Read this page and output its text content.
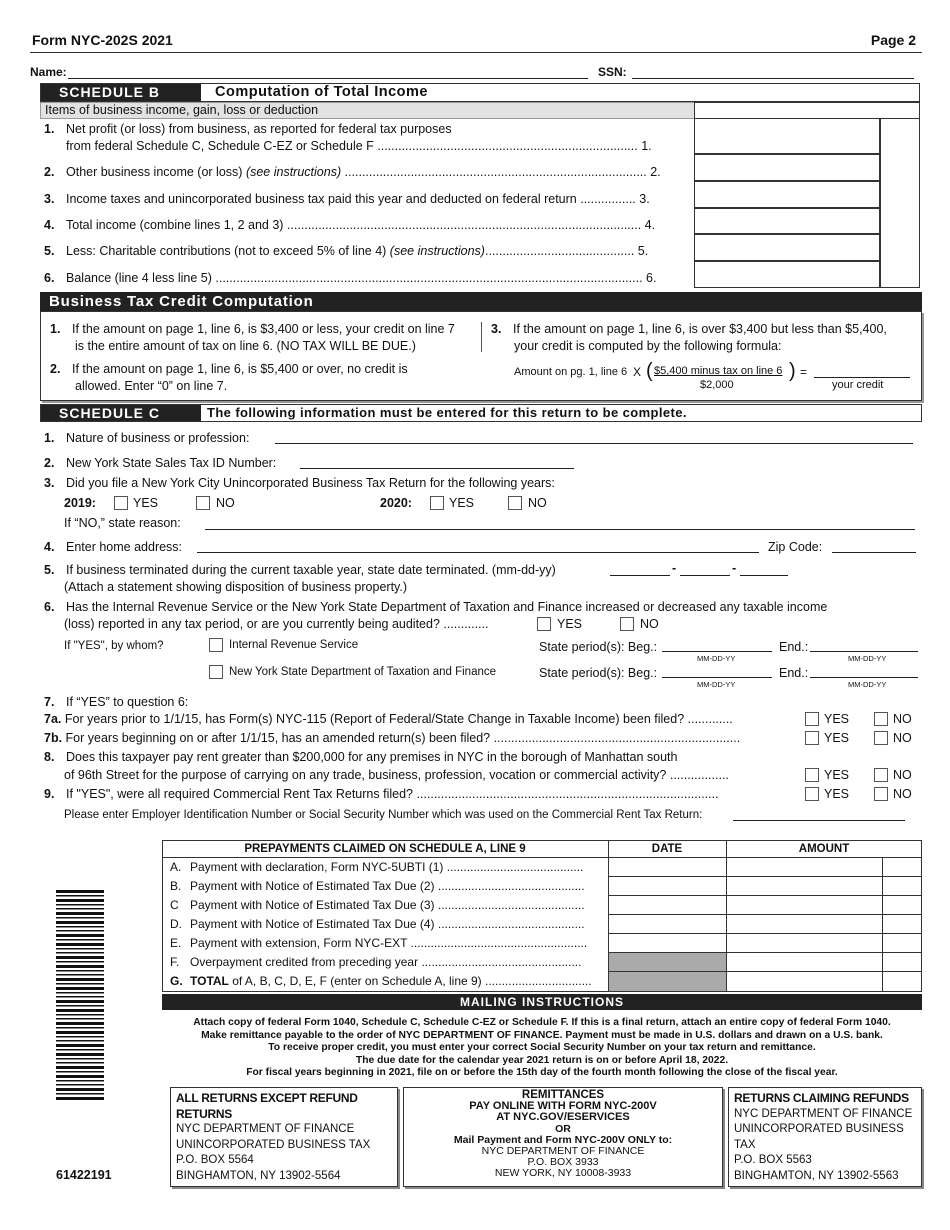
Form NYC-202S 2021	Page 2
Name:	SSN:
SCHEDULE B	Computation of Total Income
Items of business income, gain, loss or deduction
1. Net profit (or loss) from business, as reported for federal tax purposes
from federal Schedule C, Schedule C-EZ or Schedule F ........................................................................... 1.
2. Other business income (or loss) (see instructions) ....................................................................................... 2.
3. Income taxes and unincorporated business tax paid this year and deducted on federal return ................ 3.
4. Total income (combine lines 1, 2 and 3) ...................................................................................................... 4.
5. Less: Charitable contributions (not to exceed 5% of line 4) (see instructions)........................................... 5.
6. Balance (line 4 less line 5) ........................................................................................................................... 6.
Business Tax Credit Computation
1. If the amount on page 1, line 6, is $3,400 or less, your credit on line 7
is the entire amount of tax on line 6. (NO TAX WILL BE DUE.)
2. If the amount on page 1, line 6, is $5,400 or over, no credit is
allowed. Enter “0” on line 7.
3. If the amount on page 1, line 6, is over $3,400 but less than $5,400,
your credit is computed by the following formula:
Amount on pg. 1, line 6 X ( $5,400 minus tax on line 6
$2,000
) =
your credit
SCHEDULE C	The following information must be entered for this return to be complete.
1. Nature of business or profession:
2. New York State Sales Tax ID Number:
3. Did you file a New York City Unincorporated Business Tax Return for the following years:
2019:	YES	NO	2020:	YES	NO
If “NO,” state reason:
4. Enter home address:	Zip Code:
5. If business terminated during the current taxable year, state date terminated. (mm-dd-yy)	-	-
(Attach a statement showing disposition of business property.)
6. Has the Internal Revenue Service or the New York State Department of Taxation and Finance increased or decreased any taxable income
(loss) reported in any tax period, or are you currently being audited? .............	YES	NO
If "YES", by whom?	Internal Revenue Service
New York State Department of Taxation and Finance
State period(s): Beg.:
MM-DD-YY
End.:
MM-DD-YY
State period(s): Beg.:
MM-DD-YY
End.:
MM-DD-YY
7. If “YES” to question 6:
7a. For years prior to 1/1/15, has Form(s) NYC-115 (Report of Federal/State Change in Taxable Income) been filed? .............	YES	NO
7b. For years beginning on or after 1/1/15, has an amended return(s) been filed? .......................................................................	YES	NO
8. Does this taxpayer pay rent greater than $200,000 for any premises in NYC in the borough of Manhattan south
of 96th Street for the purpose of carrying on any trade, business, profession, vocation or commercial activity? .................	YES	NO
9. If "YES", were all required Commercial Rent Tax Returns filed? .......................................................................................	YES	NO
Please enter Employer Identification Number or Social Security Number which was used on the Commercial Rent Tax Return:
PREPAYMENTS CLAIMED ON SCHEDULE A, LINE 9	DATE	AMOUNT
A. Payment with declaration, Form NYC-5UBTI (1) .........................................
B. Payment with Notice of Estimated Tax Due (2) ............................................
C Payment with Notice of Estimated Tax Due (3) ............................................
D. Payment with Notice of Estimated Tax Due (4) ............................................
E. Payment with extension, Form NYC-EXT .....................................................
F. Overpayment credited from preceding year ................................................
G. TOTAL of A, B, C, D, E, F (enter on Schedule A, line 9) ................................
MAILING INSTRUCTIONS
Attach copy of federal Form 1040, Schedule C, Schedule C-EZ or Schedule F. If this is a final return, attach an entire copy of federal Form 1040.
Make remittance payable to the order of NYC DEPARTMENT OF FINANCE. Payment must be made in U.S. dollars and drawn on a U.S. bank.
To receive proper credit, you must enter your correct Social Security Number on your tax return and remittance.
The due date for the calendar year 2021 return is on or before April 18, 2022.
For fiscal years beginning in 2021, file on or before the 15th day of the fourth month following the close of the fiscal year.
ALL RETURNS EXCEPT REFUND RETURNS
NYC DEPARTMENT OF FINANCE
UNINCORPORATED BUSINESS TAX
P.O. BOX 5564
BINGHAMTON, NY 13902-5564
REMITTANCES
PAY ONLINE WITH FORM NYC-200V
AT NYC.GOV/ESERVICES
OR
Mail Payment and Form NYC-200V ONLY to:
NYC DEPARTMENT OF FINANCE
P.O. BOX 3933
NEW YORK, NY 10008-3933
RETURNS CLAIMING REFUNDS
NYC DEPARTMENT OF FINANCE
UNINCORPORATED BUSINESS TAX
P.O. BOX 5563
BINGHAMTON, NY 13902-5563
61422191
